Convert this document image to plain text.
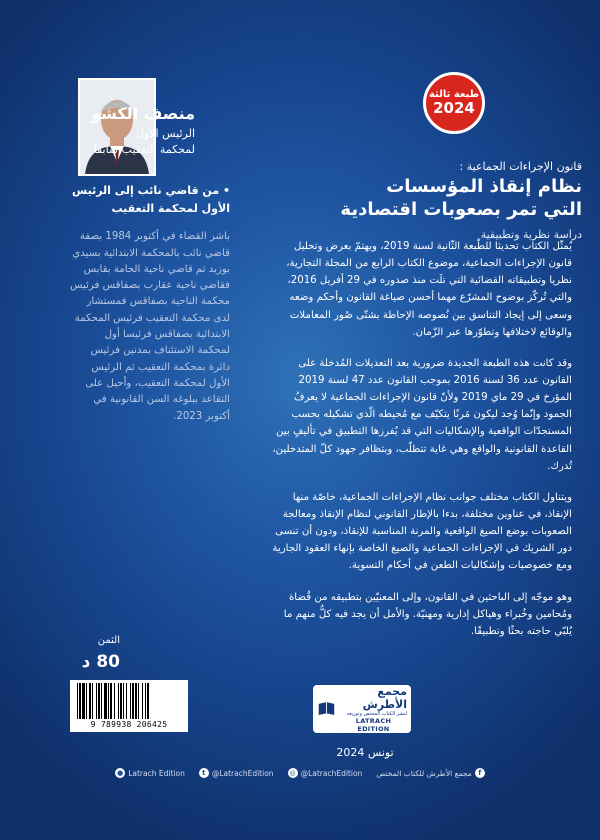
طبعة ثالثة
2024
منصف الكشو
الرئيس الأول
لمحكمة التعقيب سابقا
قانون الإجراءات الجماعية :
نظام إنقاذ المؤسسات
التي تمر بصعوبات اقتصادية
دراسة نظرية وتطبيقية

يُمثّل الكتاب تحديثا للطّبعة الثّانية لسنة 2019، ويهتمّ بعرض وتحليل قانون الإجراءات الجماعية، موضوع الكتاب الرابع من المجلة التجارية، نظريا وتطبيقاته القضائية التي تلَت منذ صدوره في 29 أفريل 2016، والتي تُركّز بوضوح المشرّع مهما أحسن صياغة القانون وأحكم وضعه وسعى إلى إيجاد التناسق بين نُصوصه الإحاطة بشتّى صُور المعاملات والوقائع لاختلافها وتطوّرها عبر الزّمان.

وقد كانت هذه الطبعة الجديدة ضرورية بعد التعديلات المُدخلة على القانون عدد 36 لسنة 2016 بموجب القانون عدد 47 لسنة 2019 المؤرخ في 29 ماي 2019 ولأنّ قانون الإجراءات الجماعية لا يعرفُ الجمود وإنّما وُجد ليكون مَرنًا يتكيّف مع مُحيطه الّذي تشكيله بحسب المستجدّات الواقعية والإشكاليات التي قد يُفرزها التطبيق في تأليفٍ بين القاعدة القانونية والواقع وهي غاية تتطلّب، وبتظافر جهود كلّ المتدخلين، تُدرك.

ويتناول الكتاب مختلف جوانب نظام الإجراءات الجماعية، خاصّة منها الإنقاذ، في عناوين مختلفة، بدءا بالإطار القانوني لنظام الإنقاذ ومعالجة الصعوبات بوضع الصيغ الواقعية والمرنة المناسبة للإنقاذ، ودون أن تنسى دور الشريك في الإجراءات الجماعية والصيغ الخاصة بإنهاء العقود الجارية ومع خصوصيات وإشكاليات الطعن في أحكام التسوية.

وهو موجّه إلى الباحثين في القانون، وإلى المعنيّين بتطبيقه من قُضاة ومُحامين وخُبراء وهياكل إدارية ومهنيّة. والأمل أن يجد فيه كلٌّ منهم ما يُلبّي حاجته بحثًا وتطبيقًا.

• من قاضي نائب إلى الرئيس الأول لمحكمة التعقيب
باشر القضاء في أكتوبر 1984 بصفة قاضي نائب بالمحكمة الابتدائية بسيدي بوزيد ثم قاضي ناحية الحامة بقابس فقاضي ناحية عقارب بصفاقس فرئيس محكمة الناحية بصفاقس فمستشار لدى محكمة التعقيب فرئيس المحكمة الابتدائية بصفاقس فرئيسا أول لمحكمة الاستئناف بمدنين فرئيس دائرة بمحكمة التعقيب ثم الرئيس الأول لمحكمة التعقيب، وأحيل على التقاعد ببلوغه السن القانونية في أكتوبر 2023.
الثمن
80 د
9 789938 206425
مجمع الأطرش
لنشر الكتاب المختص وتوزيعه
LATRACH EDITION
تونس 2024
● Latrach Edition	t @LatrachEdition ◎ @LatrachEdition	f
مجمع الأطرش للكتاب المختص
